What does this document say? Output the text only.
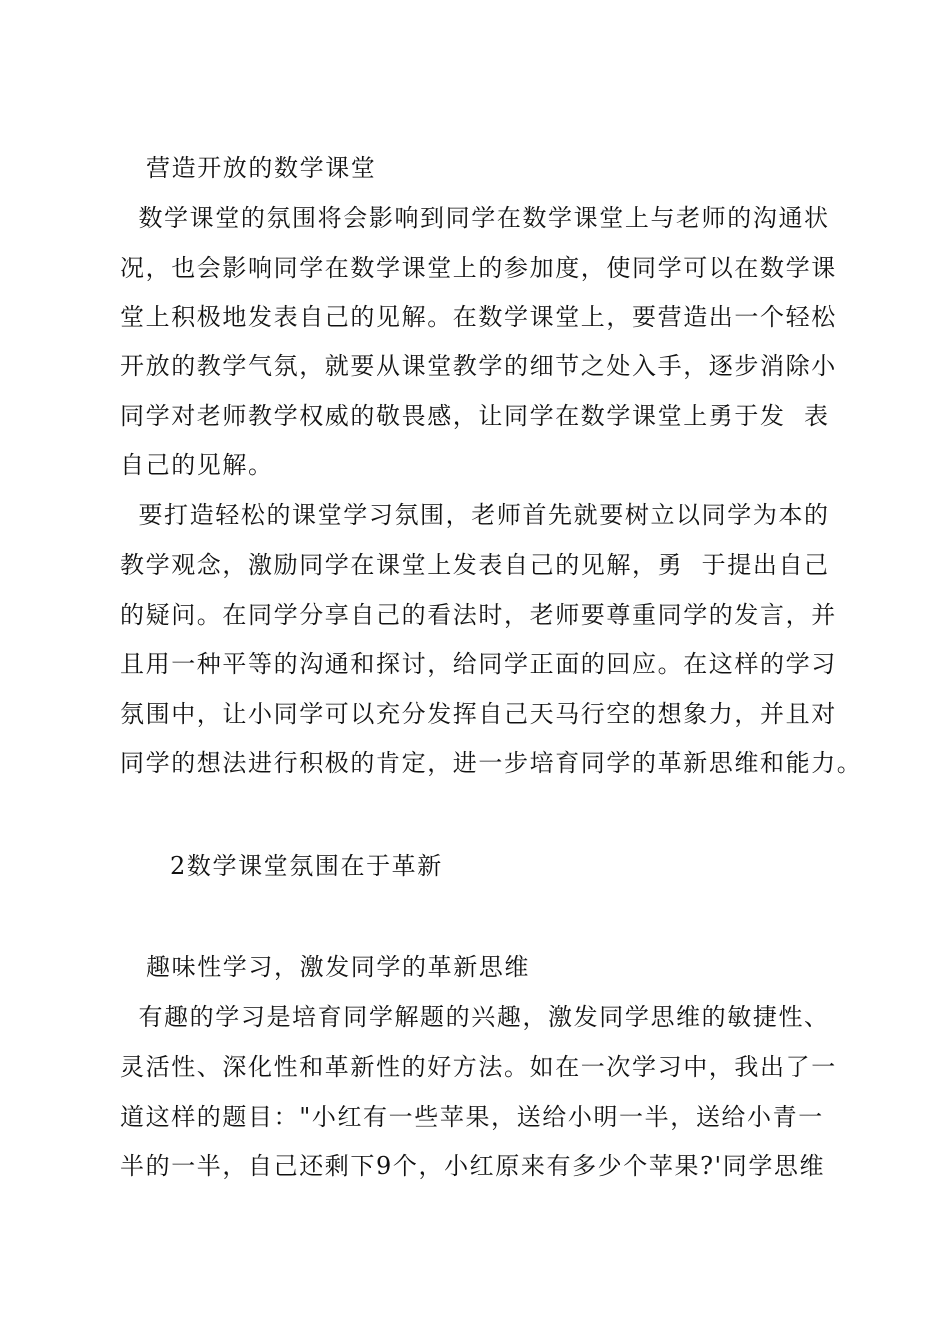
营造开放的数学课堂
数学课堂的氛围将会影响到同学在数学课堂上与老师的沟通状
况，也会影响同学在数学课堂上的参加度，使同学可以在数学课
堂上积极地发表自己的见解。在数学课堂上，要营造出一个轻松
开放的教学气氛，就要从课堂教学的细节之处入手，逐步消除小
同学对老师教学权威的敬畏感，让同学在数学课堂上勇于发  表
自己的见解。
要打造轻松的课堂学习氛围，老师首先就要树立以同学为本的
教学观念，激励同学在课堂上发表自己的见解，勇  于提出自己
的疑问。在同学分享自己的看法时，老师要尊重同学的发言，并
且用一种平等的沟通和探讨，给同学正面的回应。在这样的学习
氛围中，让小同学可以充分发挥自己天马行空的想象力，并且对
同学的想法进行积极的肯定，进一步培育同学的革新思维和能力。
2数学课堂氛围在于革新
趣味性学习，激发同学的革新思维
有趣的学习是培育同学解题的兴趣，激发同学思维的敏捷性、
灵活性、深化性和革新性的好方法。如在一次学习中，我出了一
道这样的题目："小红有一些苹果，送给小明一半，送给小青一
半的一半，自己还剩下9个，小红原来有多少个苹果?'同学思维
